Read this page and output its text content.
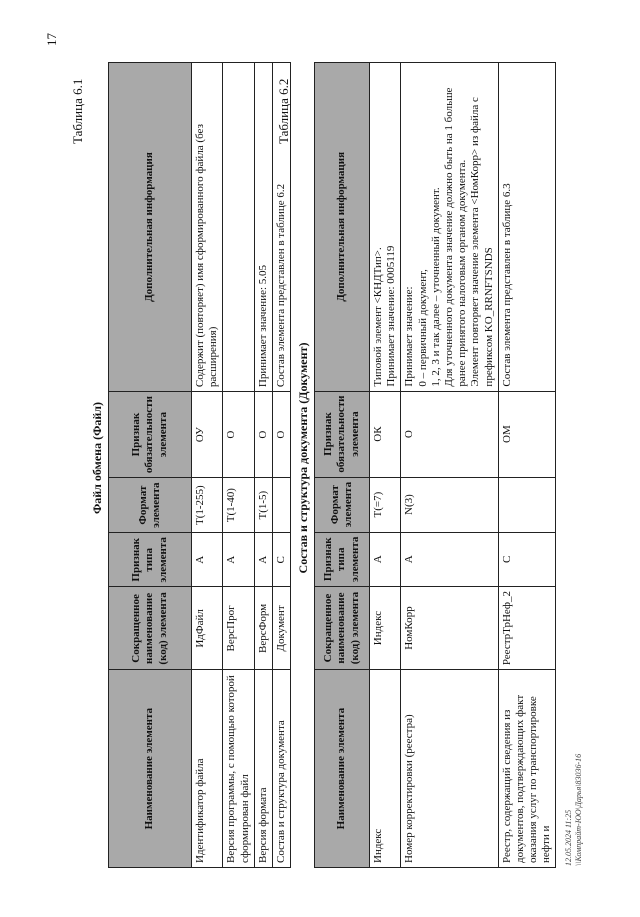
17
Таблица 6.1
Файл обмена (Файл)
Наименование элемента	Сокращенное наименование (код) элемента	Признак типа элемента	Формат элемента	Признак обязательности элемента	Дополнительная информация
Идентификатор файла	ИдФайл	А	T(1-255)	ОУ	Содержит (повторяет) имя сформированного файла (без расширения)
Версия программы, с помощью которой сформирован файл	ВерсПрог	А	T(1-40)	О	
Версия формата	ВерсФорм	А	T(1-5)	О	Принимает значение: 5.05
Состав и структура документа	Документ	С		О	Состав элемента представлен в таблице 6.2
Таблица 6.2
Состав и структура документа (Документ)
Наименование элемента	Сокращенное наименование (код) элемента	Признак типа элемента	Формат элемента	Признак обязательности элемента	Дополнительная информация
Индекс	Индекс	А	T(=7)	ОК	Типовой элемент <КНДТип>.
Принимает значение: 0005119
Номер корректировки (реестра)	НомКорр	А	N(3)	О	Принимает значение:
0 – первичный документ,
1, 2, 3 и так далее – уточненный документ.
Для уточненного документа значение должно быть на 1 больше ранее принятого налоговым органом документа.
Элемент повторяет значение элемента <НомКорр> из файла с префиксом KO_RRNFTSNDS
Реестр, содержащий сведения из документов, подтверждающих факт оказания услуг по транспортировке нефти и	РеестрТрНеф_2	С		ОМ	Состав элемента представлен в таблице 6.3
12.05.2024 11:25 \\Компрайт-ЮО\Дарья\83036-16
